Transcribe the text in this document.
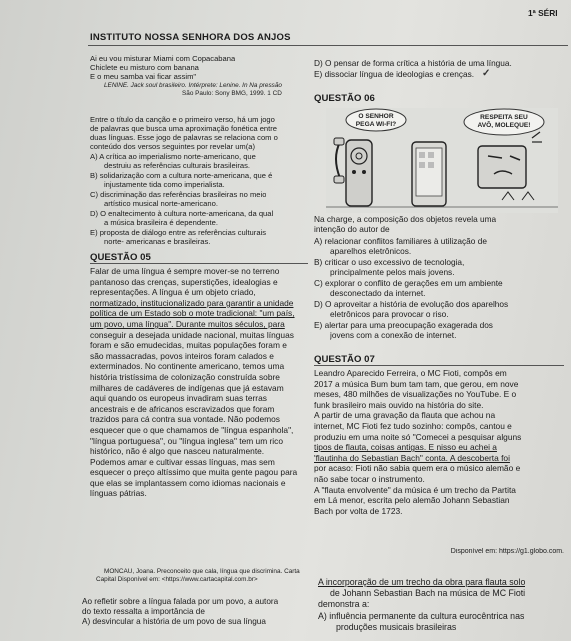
INSTITUTO NOSSA SENHORA DOS ANJOS
1ª SÉRI
Ai eu vou misturar Miami com Copacabana
Chiclete eu misturo com banana
E o meu samba vai ficar assim"
LENINE. Jack soul brasileiro. Intérprete: Lenine. In Na pressão
São Paulo: Sony BMG, 1999. 1 CD
Entre o título da canção e o primeiro verso, há um jogo
de palavras que busca uma aproximação fonética entre
duas línguas. Esse jogo de palavras se relaciona com o
conteúdo dos versos seguintes por revelar um(a)
A) A crítica ao imperialismo norte-americano, que
destruiu as referências culturais brasileiras.
B) solidarização com a cultura norte-americana, que é
injustamente tida como imperialista.
C) discriminação das referências brasileiras no meio
artístico musical norte-americano.
D) O enaltecimento à cultura norte-americana, da qual
a música brasileira é dependente.
E) proposta de diálogo entre as referências culturais
norte- americanas e brasileiras.
QUESTÃO 05
Falar de uma língua é sempre mover-se no terreno
pantanoso das crenças, superstições, idealogias e
representações. A língua é um objeto criado,
normatizado, institucionalizado para garantir a unidade
política de um Estado sob o mote tradicional: "um país,
um povo, uma língua". Durante muitos séculos, para
conseguir a desejada unidade nacional, muitas línguas
foram e são emudecidas, muitas populações foram e
são massacradas, povos inteiros foram calados e
exterminados. No continente americano, temos uma
história tristíssima de colonização construída sobre
milhares de cadáveres de indígenas que já estavam
aqui quando os europeus invadiram suas terras
ancestrais e de africanos escravizados que foram
trazidos para cá contra sua vontade. Não podemos
esquecer que o que chamamos de "língua espanhola",
"língua portuguesa", ou "língua inglesa" tem um rico
histórico, não é algo que nasceu naturalmente.
Podemos amar e cultivar essas línguas, mas sem
esquecer o preço altíssimo que muita gente pagou para
que elas se implantassem como idiomas nacionais e
línguas pátrias.
MONCAU, Joana. Preconceito que cala, língua que discrimina. Carta
Capital Disponível em: <https://www.cartacapital.com.br>
Ao refletir sobre a língua falada por um povo, a autora
do texto ressalta a importância de
A) desvincular a história de um povo de sua língua
D) O pensar de forma crítica a história de uma língua.
E) dissociar língua de ideologias e crenças.
QUESTÃO 06
O SENHOR
PEGA WI-FI?
RESPEITA SEU
AVÔ, MOLEQUE!
Na charge, a composição dos objetos revela uma
intenção do autor de
A) relacionar conflitos familiares à utilização de
aparelhos eletrônicos.
B) criticar o uso excessivo de tecnologia,
principalmente pelos mais jovens.
C) explorar o conflito de gerações em um ambiente
desconectado da internet.
D) O aproveitar a história de evolução dos aparelhos
eletrônicos para provocar o riso.
E) alertar para uma preocupação exagerada dos
jovens com a conexão de internet.
QUESTÃO 07
Leandro Aparecido Ferreira, o MC Fioti, compôs em
2017 a música Bum bum tam tam, que gerou, em nove
meses, 480 milhões de visualizações no YouTube. E o
funk brasileiro mais ouvido na história do site.
A partir de uma gravação da flauta que achou na
internet, MC Fioti fez tudo sozinho: compôs, cantou e
produziu em uma noite só "Comecei a pesquisar alguns
tipos de flauta, coisas antigas. E nisso eu achei a
'flautinha do Sebastian Bach" conta. A descoberta foi
por acaso: Fioti não sabia quem era o músico alemão e
não sabe tocar o instrumento.
A "flauta envolvente" da música é um trecho da Partita
em Lá menor, escrita pelo alemão Johann Sebastian
Bach por volta de 1723.
Disponível em: https://g1.globo.com.
A incorporação de um trecho da obra para flauta solo
de Johann Sebastian Bach na música de MC Fioti
demonstra a:
A) influência permanente da cultura eurocêntrica nas
produções musicais brasileiras
✓
